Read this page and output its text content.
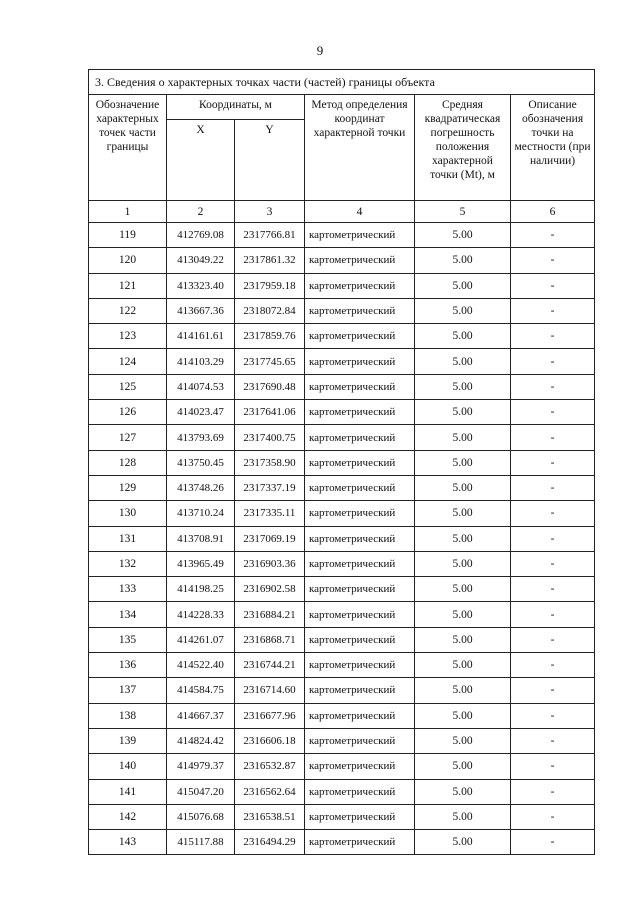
9
3. Сведения о характерных точках части (частей) границы объекта					
Обозначение характерных точек части границы	Координаты, м		Метод определения координат характерной точки	Средняя квадратическая погрешность положения характерной точки (Mt), м	Описание обозначения точки на местности (при наличии)
	X	Y			
1	2	3	4	5	6
119	412769.08	2317766.81	картометрический	5.00	-
120	413049.22	2317861.32	картометрический	5.00	-
121	413323.40	2317959.18	картометрический	5.00	-
122	413667.36	2318072.84	картометрический	5.00	-
123	414161.61	2317859.76	картометрический	5.00	-
124	414103.29	2317745.65	картометрический	5.00	-
125	414074.53	2317690.48	картометрический	5.00	-
126	414023.47	2317641.06	картометрический	5.00	-
127	413793.69	2317400.75	картометрический	5.00	-
128	413750.45	2317358.90	картометрический	5.00	-
129	413748.26	2317337.19	картометрический	5.00	-
130	413710.24	2317335.11	картометрический	5.00	-
131	413708.91	2317069.19	картометрический	5.00	-
132	413965.49	2316903.36	картометрический	5.00	-
133	414198.25	2316902.58	картометрический	5.00	-
134	414228.33	2316884.21	картометрический	5.00	-
135	414261.07	2316868.71	картометрический	5.00	-
136	414522.40	2316744.21	картометрический	5.00	-
137	414584.75	2316714.60	картометрический	5.00	-
138	414667.37	2316677.96	картометрический	5.00	-
139	414824.42	2316606.18	картометрический	5.00	-
140	414979.37	2316532.87	картометрический	5.00	-
141	415047.20	2316562.64	картометрический	5.00	-
142	415076.68	2316538.51	картометрический	5.00	-
143	415117.88	2316494.29	картометрический	5.00	-
